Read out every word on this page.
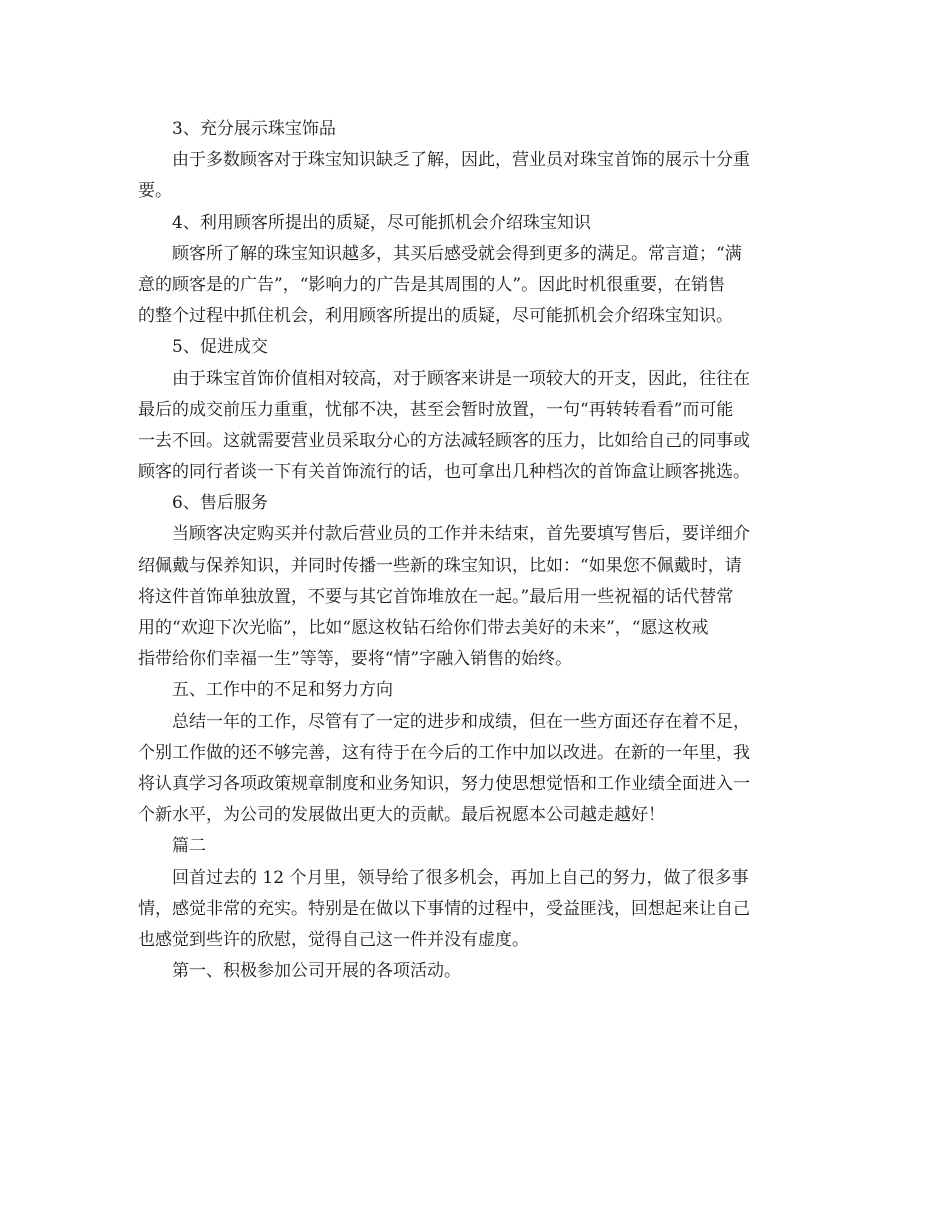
3、充分展示珠宝饰品
由于多数顾客对于珠宝知识缺乏了解，因此，营业员对珠宝首饰的展示十分重
要。
4、利用顾客所提出的质疑，尽可能抓机会介绍珠宝知识
顾客所了解的珠宝知识越多，其买后感受就会得到更多的满足。常言道；“满
意的顾客是的广告”，“影响力的广告是其周围的人”。因此时机很重要，在销售
的整个过程中抓住机会，利用顾客所提出的质疑，尽可能抓机会介绍珠宝知识。
5、促进成交
由于珠宝首饰价值相对较高，对于顾客来讲是一项较大的开支，因此，往往在
最后的成交前压力重重，忧郁不决，甚至会暂时放置，一句“再转转看看”而可能
一去不回。这就需要营业员采取分心的方法减轻顾客的压力，比如给自己的同事或
顾客的同行者谈一下有关首饰流行的话，也可拿出几种档次的首饰盒让顾客挑选。
6、售后服务
当顾客决定购买并付款后营业员的工作并未结束，首先要填写售后，要详细介
绍佩戴与保养知识，并同时传播一些新的珠宝知识，比如：“如果您不佩戴时，请
将这件首饰单独放置，不要与其它首饰堆放在一起。”最后用一些祝福的话代替常
用的“欢迎下次光临”，比如“愿这枚钻石给你们带去美好的未来”，“愿这枚戒
指带给你们幸福一生”等等，要将“情”字融入销售的始终。
五、工作中的不足和努力方向
总结一年的工作，尽管有了一定的进步和成绩，但在一些方面还存在着不足，
个别工作做的还不够完善，这有待于在今后的工作中加以改进。在新的一年里，我
将认真学习各项政策规章制度和业务知识，努力使思想觉悟和工作业绩全面进入一
个新水平，为公司的发展做出更大的贡献。最后祝愿本公司越走越好！
篇二
回首过去的 12 个月里，领导给了很多机会，再加上自己的努力，做了很多事
情，感觉非常的充实。特别是在做以下事情的过程中，受益匪浅，回想起来让自己
也感觉到些许的欣慰，觉得自己这一件并没有虚度。
第一、积极参加公司开展的各项活动。
